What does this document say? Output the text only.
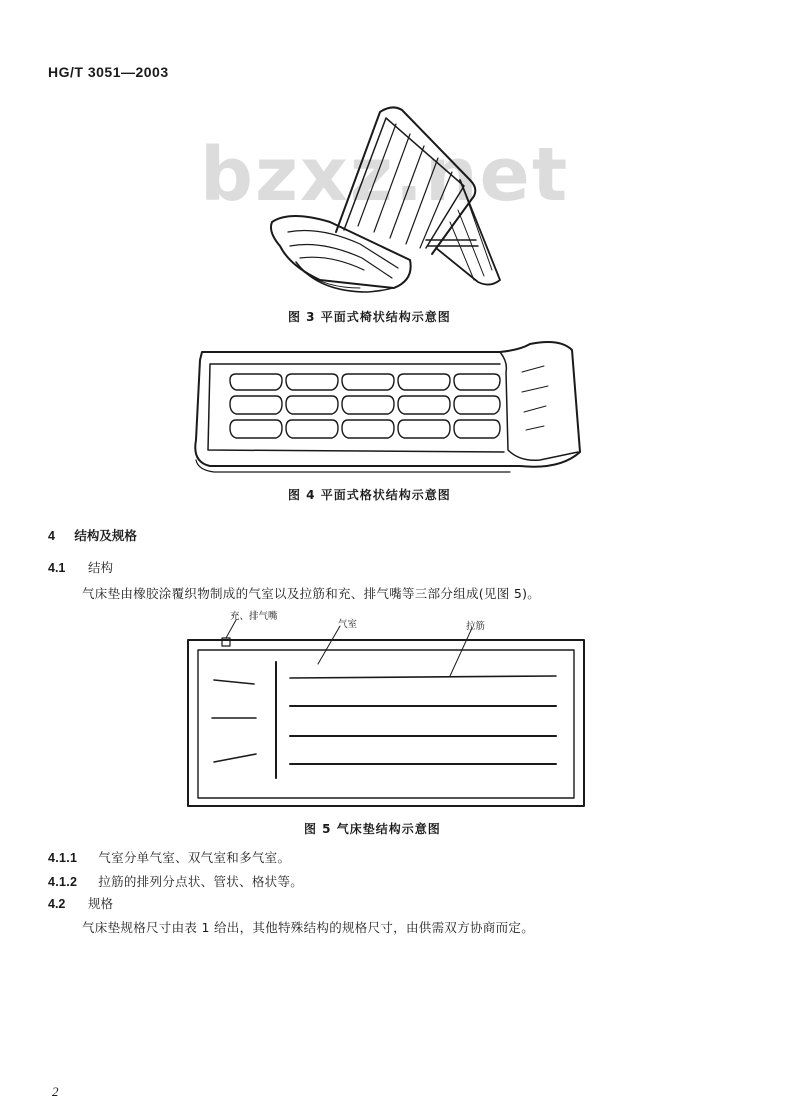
HG/T 3051—2003
bzxz.net
图 3 平面式椅状结构示意图
图 4 平面式格状结构示意图
4 结构及规格
4.1 结构
气床垫由橡胶涂覆织物制成的气室以及拉筋和充、排气嘴等三部分组成(见图 5)。
充、排气嘴
气室	拉筋
图 5 气床垫结构示意图
4.1.1 气室分单气室、双气室和多气室。
4.1.2 拉筋的排列分点状、管状、格状等。
4.2 规格
气床垫规格尺寸由表 1 给出，其他特殊结构的规格尺寸，由供需双方协商而定。
2
